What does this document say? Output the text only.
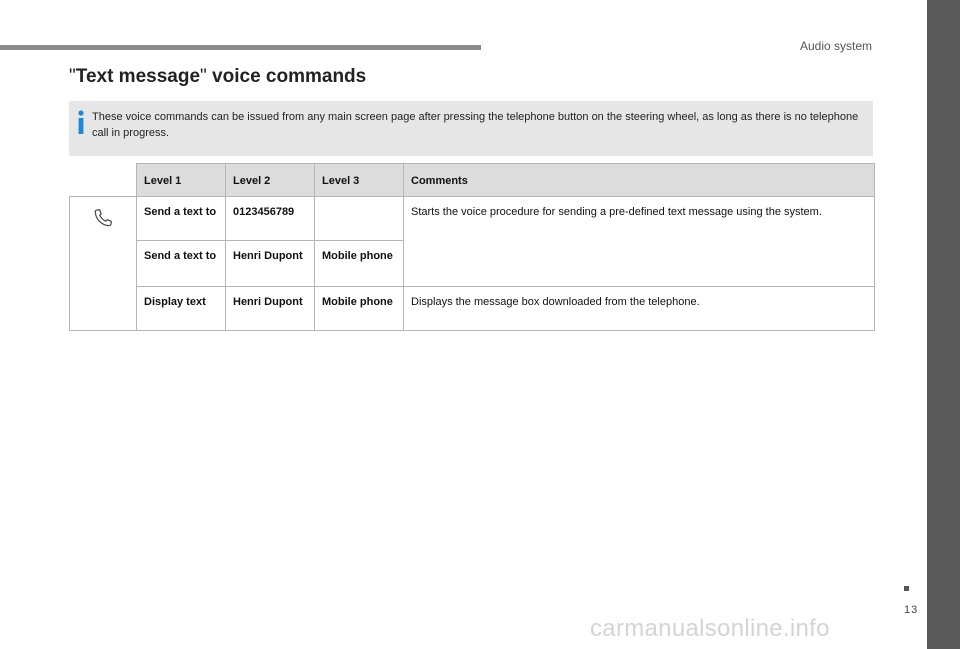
Audio system
"Text message" voice commands
These voice commands can be issued from any main screen page after pressing the telephone button on the steering wheel, as long as there is no telephone call in progress.
	Level 1	Level 2	Level 3	Comments
	Send a text to	0123456789		Starts the voice procedure for sending a pre-defined text message using the system.
	Send a text to	Henri Dupont	Mobile phone	
	Display text	Henri Dupont	Mobile phone	Displays the message box downloaded from the telephone.
13
carmanualsonline.info
